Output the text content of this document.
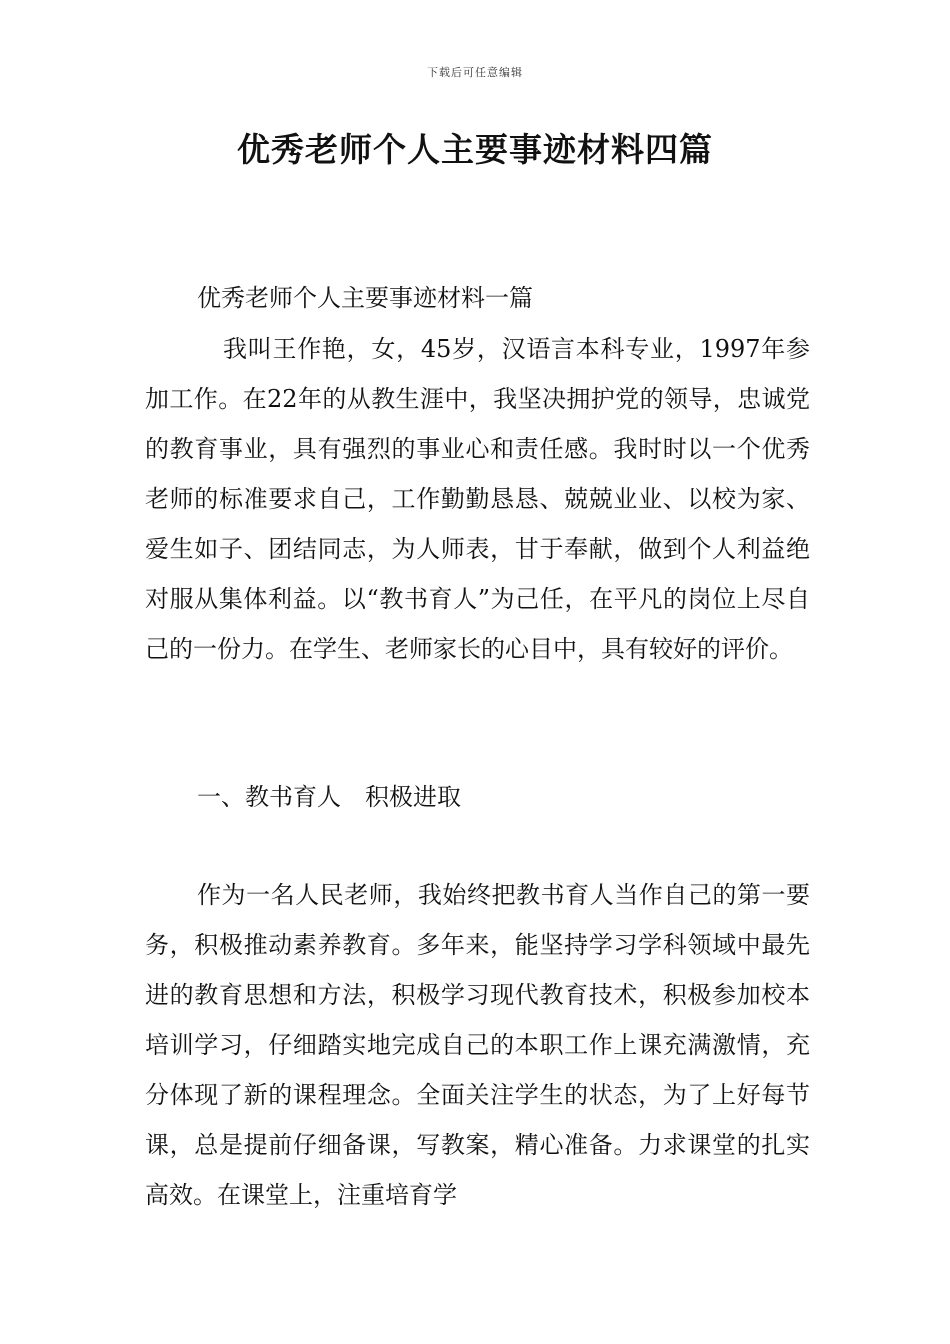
下载后可任意编辑
优秀老师个人主要事迹材料四篇

优秀老师个人主要事迹材料一篇

我叫王作艳，女，45岁，汉语言本科专业，1997年参加工作。在22年的从教生涯中，我坚决拥护党的领导，忠诚党的教育事业，具有强烈的事业心和责任感。我时时以一个优秀老师的标准要求自己，工作勤勤恳恳、兢兢业业、以校为家、爱生如子、团结同志，为人师表，甘于奉献，做到个人利益绝对服从集体利益。以“教书育人”为己任，在平凡的岗位上尽自己的一份力。在学生、老师家长的心目中，具有较好的评价。

一、教书育人　积极进取

作为一名人民老师，我始终把教书育人当作自己的第一要务，积极推动素养教育。多年来，能坚持学习学科领域中最先进的教育思想和方法，积极学习现代教育技术，积极参加校本培训学习，仔细踏实地完成自己的本职工作上课充满激情，充分体现了新的课程理念。全面关注学生的状态，为了上好每节课，总是提前仔细备课，写教案，精心准备。力求课堂的扎实高效。在课堂上，注重培育学
